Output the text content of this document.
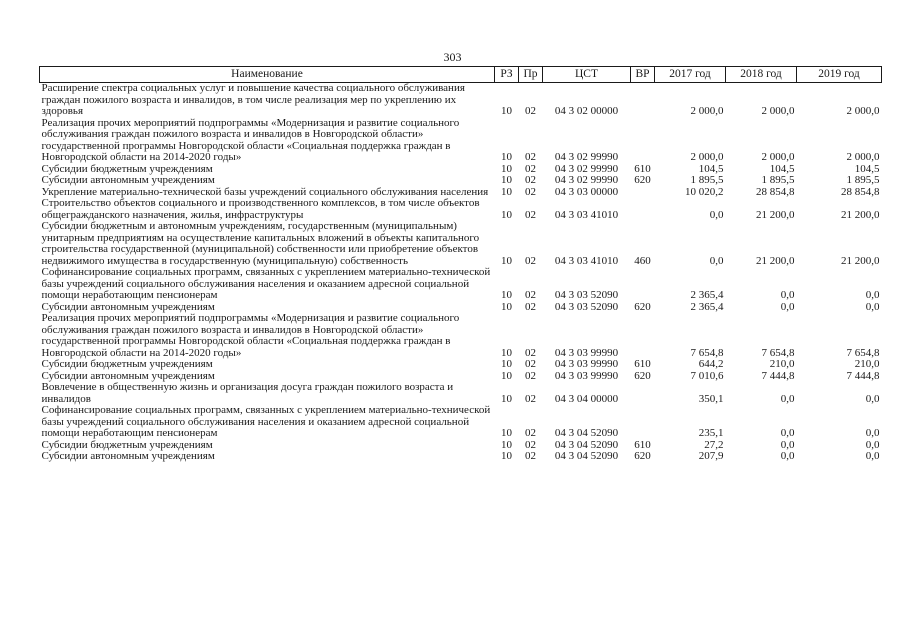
303
Наименование	РЗ	Пр	ЦСТ	ВР	2017 год	2018 год	2019 год
Расширение спектра социальных услуг и повышение качества социального обслуживания граждан пожилого возраста и инвалидов, в том числе реализация мер по укреплению их здоровья	10	02	04 3 02 00000		2 000,0	2 000,0	2 000,0
Реализация прочих мероприятий подпрограммы «Модернизация и развитие социального обслуживания граждан пожилого возраста и инвалидов в Новгородской области» государственной программы Новгородской области «Социальная поддержка граждан в Новгородской области на 2014-2020 годы»	10	02	04 3 02 99990		2 000,0	2 000,0	2 000,0
Субсидии бюджетным учреждениям	10	02	04 3 02 99990	610	104,5	104,5	104,5
Субсидии автономным учреждениям	10	02	04 3 02 99990	620	1 895,5	1 895,5	1 895,5
Укрепление материально-технической базы учреждений социального обслуживания населения	10	02	04 3 03 00000		10 020,2	28 854,8	28 854,8
Строительство объектов социального и производственного комплексов, в том числе объектов общегражданского назначения, жилья, инфраструктуры	10	02	04 3 03 41010		0,0	21 200,0	21 200,0
Субсидии бюджетным и автономным учреждениям, государственным (муниципальным) унитарным предприятиям на осуществление капитальных вложений в объекты капитального строительства государственной (муниципальной) собственности или приобретение объектов недвижимого имущества в государственную (муниципальную) собственность	10	02	04 3 03 41010	460	0,0	21 200,0	21 200,0
Софинансирование социальных программ, связанных с укреплением материально-технической базы учреждений социального обслуживания населения и оказанием адресной социальной помощи неработающим пенсионерам	10	02	04 3 03 52090		2 365,4	0,0	0,0
Субсидии автономным учреждениям	10	02	04 3 03 52090	620	2 365,4	0,0	0,0
Реализация прочих мероприятий подпрограммы «Модернизация и развитие социального обслуживания граждан пожилого возраста и инвалидов в Новгородской области» государственной программы Новгородской области «Социальная поддержка граждан в Новгородской области на 2014-2020 годы»	10	02	04 3 03 99990		7 654,8	7 654,8	7 654,8
Субсидии бюджетным учреждениям	10	02	04 3 03 99990	610	644,2	210,0	210,0
Субсидии автономным учреждениям	10	02	04 3 03 99990	620	7 010,6	7 444,8	7 444,8
Вовлечение в общественную жизнь и организация досуга граждан пожилого возраста и инвалидов	10	02	04 3 04 00000		350,1	0,0	0,0
Софинансирование социальных программ, связанных с укреплением материально-технической базы учреждений социального обслуживания населения и оказанием адресной социальной помощи неработающим пенсионерам	10	02	04 3 04 52090		235,1	0,0	0,0
Субсидии бюджетным учреждениям	10	02	04 3 04 52090	610	27,2	0,0	0,0
Субсидии автономным учреждениям	10	02	04 3 04 52090	620	207,9	0,0	0,0
